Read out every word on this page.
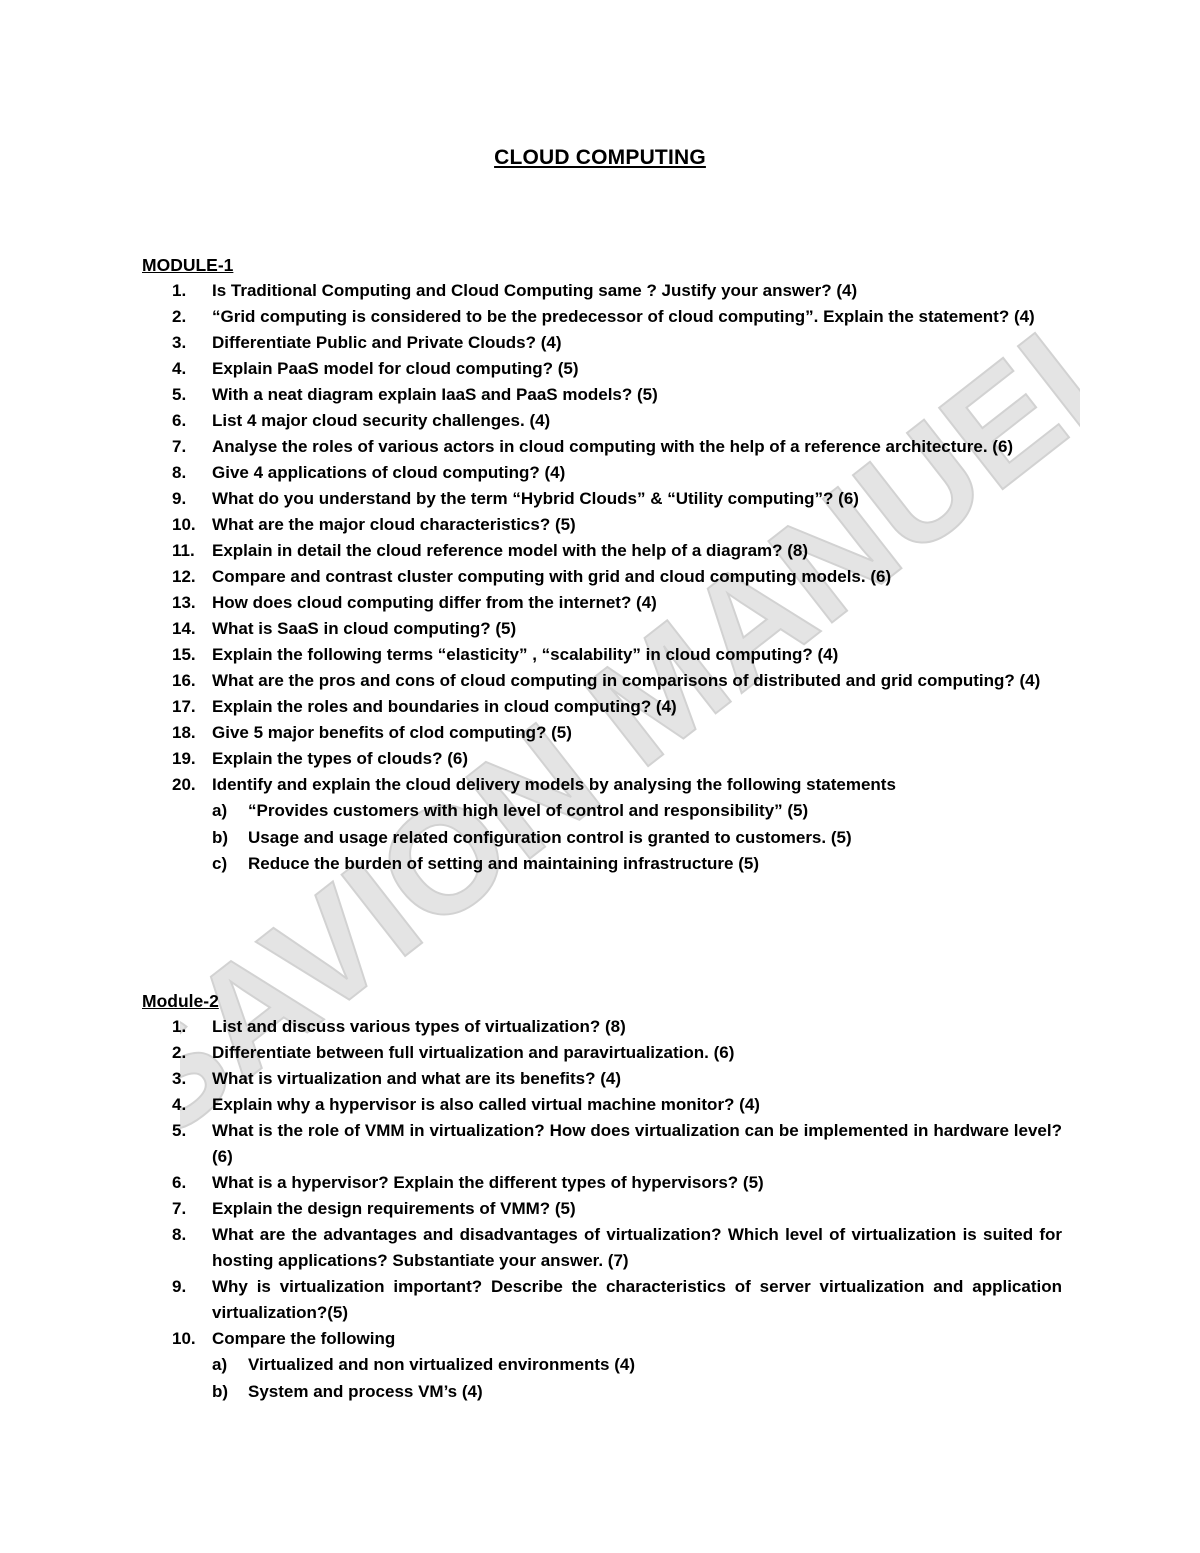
SAVION MANUEL
CLOUD COMPUTING
MODULE-1
1.	Is Traditional Computing and Cloud Computing same ? Justify your answer? (4)
2.	“Grid computing is considered to be the predecessor of cloud computing”. Explain the statement? (4)
3.	Differentiate Public and Private Clouds? (4)
4.	Explain PaaS model for cloud computing? (5)
5.	With a neat diagram explain IaaS and PaaS models? (5)
6.	List 4 major cloud security challenges. (4)
7.	Analyse the roles of various actors in cloud computing with the help of a reference architecture. (6)
8.	Give 4 applications of cloud computing? (4)
9.	What do you understand by the term “Hybrid Clouds” & “Utility computing”? (6)
10. What are the major cloud characteristics? (5)
11.	Explain in detail the cloud reference model with the help of a diagram? (8)
12. Compare and contrast cluster computing with grid and cloud computing models. (6)
13. How does cloud computing differ from the internet? (4)
14. What is SaaS in cloud computing? (5)
15. Explain the following terms “elasticity” , “scalability” in cloud computing? (4)
16. What are the pros and cons of cloud computing in comparisons of distributed and grid computing? (4)
17. Explain the roles and boundaries in cloud computing? (4)
18. Give 5 major benefits of clod computing? (5)
19. Explain the types of clouds? (6)
20. Identify and explain the cloud delivery models by analysing the following statements
a) “Provides customers with high level of control and responsibility” (5)
b) Usage and usage related configuration control is granted to customers. (5)
c) Reduce the burden of setting and maintaining infrastructure (5)
Module-2
1.	List and discuss various types of virtualization? (8)
2.	Differentiate between full virtualization and paravirtualization. (6)
3.	What is virtualization and what are its benefits? (4)
4.	Explain why a hypervisor is also called virtual machine monitor? (4)
5.	What is the role of VMM in virtualization? How does virtualization can be implemented in hardware level? (6)
6.	What is a hypervisor? Explain the different types of hypervisors? (5)
7.	Explain the design requirements of VMM? (5)
8.	What are the advantages and disadvantages of virtualization? Which level of virtualization is suited for hosting applications? Substantiate your answer. (7)
9.	Why is virtualization important? Describe the characteristics of server virtualization and application virtualization?(5)
10. Compare the following
a) Virtualized and non virtualized environments (4)
b) System and process VM’s (4)
